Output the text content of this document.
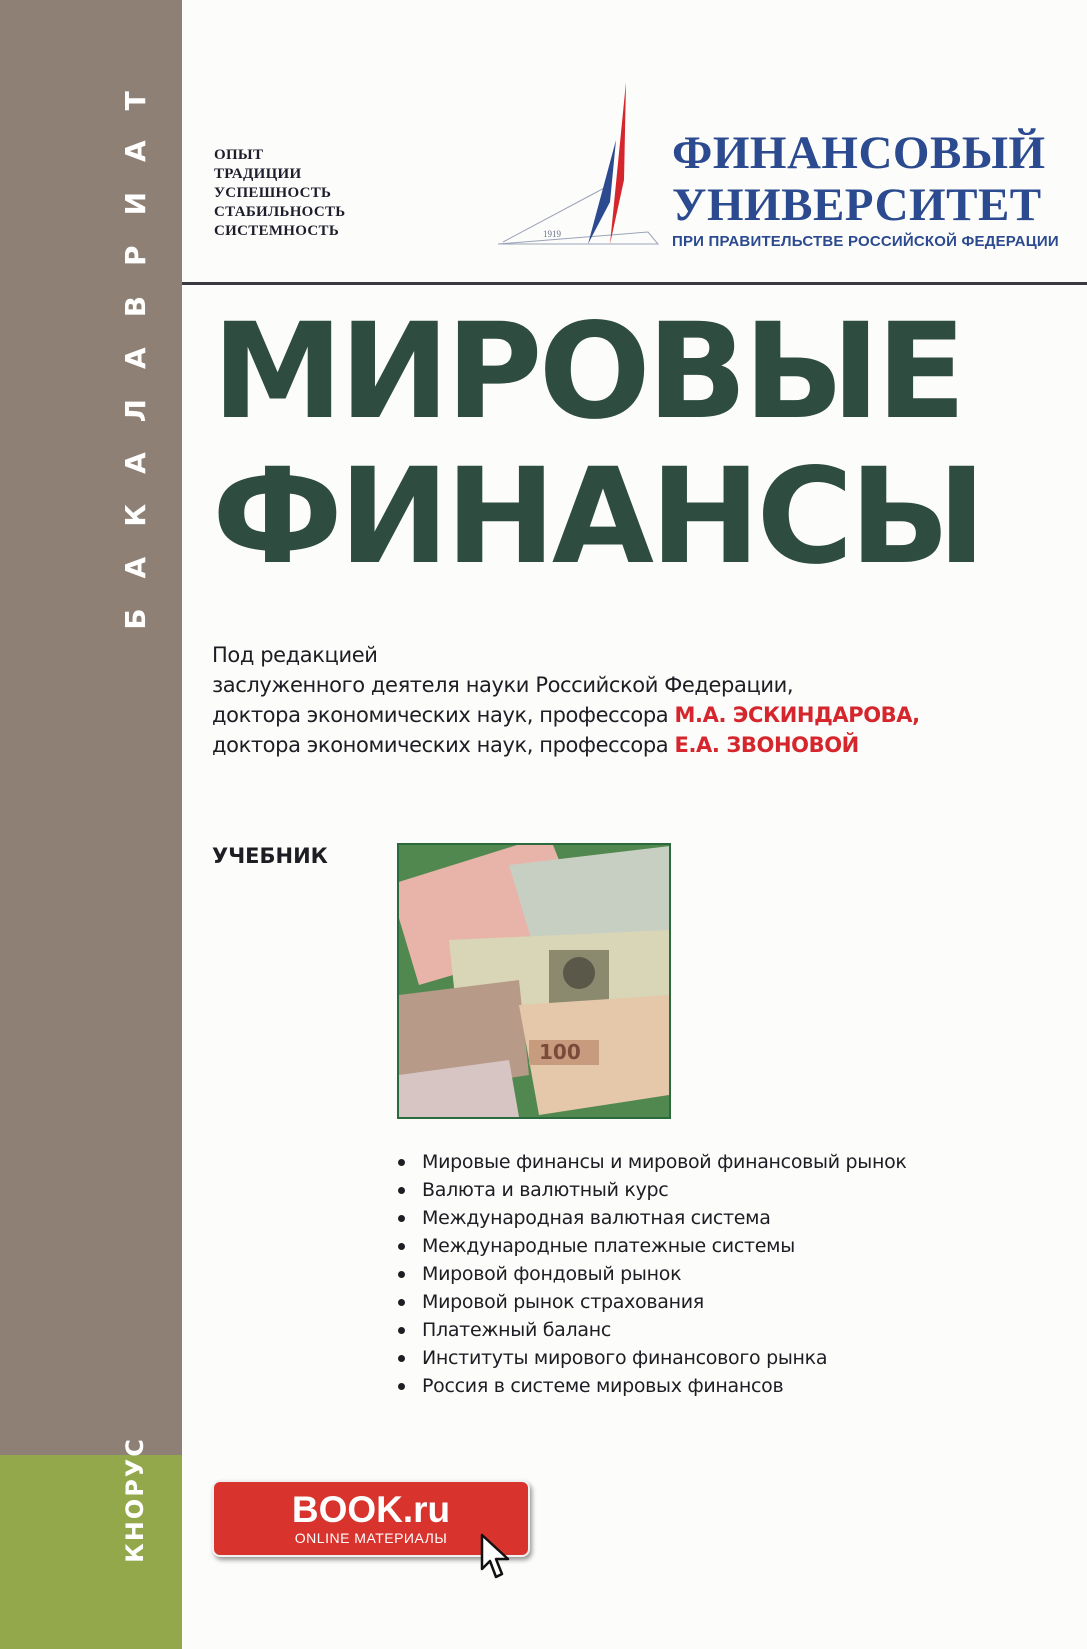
БАКАЛАВРИАТ
КНОРУС
ОПЫТ
ТРАДИЦИИ
УСПЕШНОСТЬ
СТАБИЛЬНОСТЬ
СИСТЕМНОСТЬ	1919
ФИНАНСОВЫЙ
УНИВЕРСИТЕТ
ПРИ ПРАВИТЕЛЬСТВЕ РОССИЙСКОЙ ФЕДЕРАЦИИ
МИРОВЫЕ
ФИНАНСЫ
Под редакцией
заслуженного деятеля науки Российской Федерации,
доктора экономических наук, профессора М.А. ЭСКИНДАРОВА,
доктора экономических наук, профессора Е.А. ЗВОНОВОЙ
УЧЕБНИК
100
Мировые финансы и мировой финансовый рынок
Валюта и валютный курс
Международная валютная система
Международные платежные системы
Мировой фондовый рынок
Мировой рынок страхования
Платежный баланс
Институты мирового финансового рынка
Россия в системе мировых финансов
BOOK.ru
ONLINE МАТЕРИАЛЫ
